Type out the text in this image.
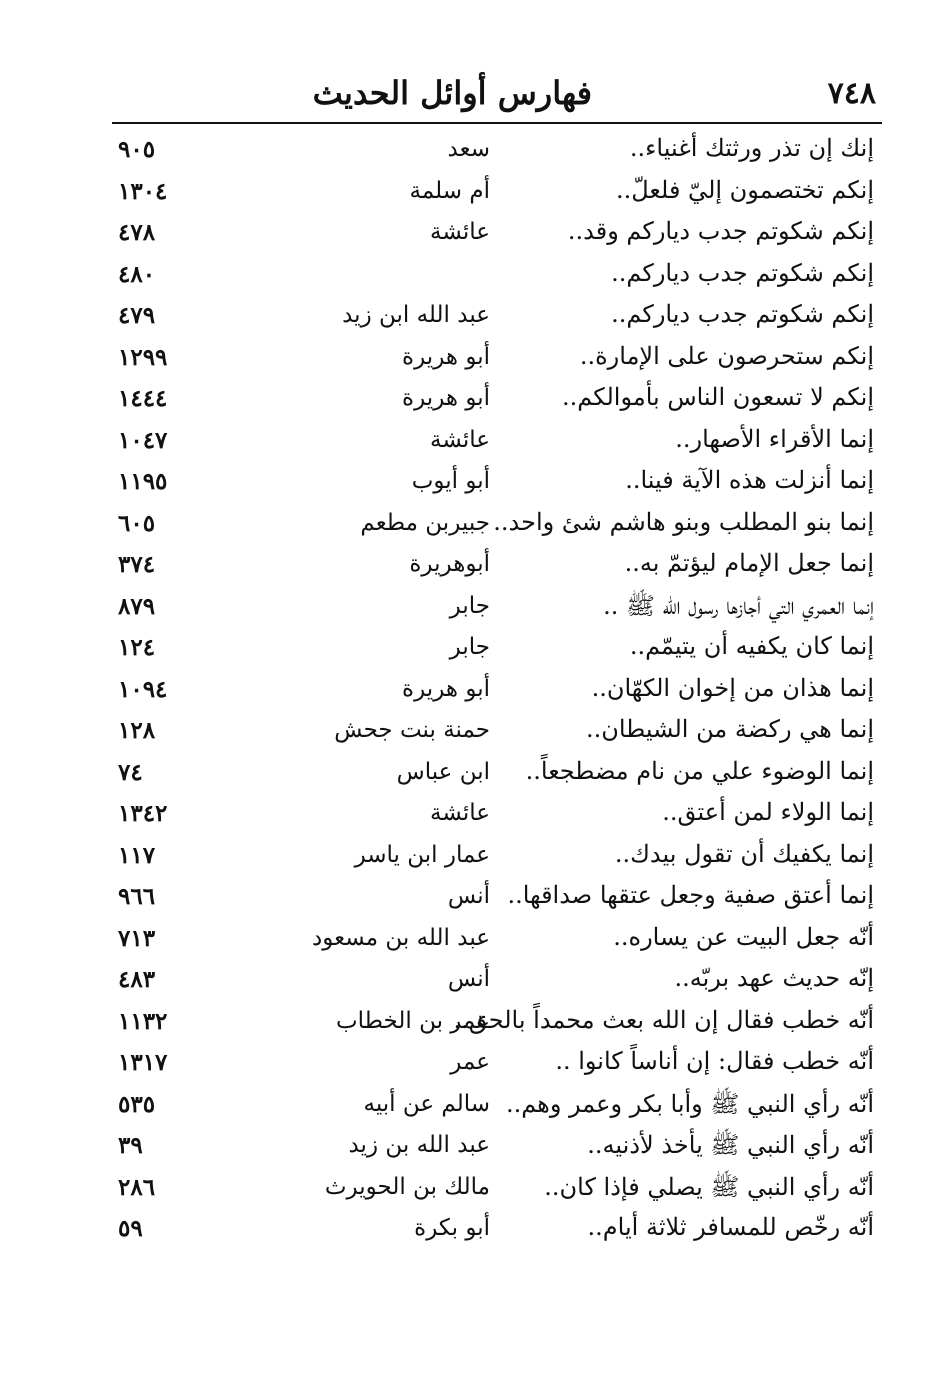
٧٤٨
فهارس أوائل الحديث
إنك إن تذر ورثتك أغنياء..
سعد
٩٠٥
إنكم تختصمون إليّ فلعلّ..
أم سلمة
١٣٠٤
إنكم شكوتم جدب دياركم وقد..
عائشة
٤٧٨
إنكم شكوتم جدب دياركم..
٤٨٠
إنكم شكوتم جدب دياركم..
عبد الله ابن زيد
٤٧٩
إنكم ستحرصون على الإمارة..
أبو هريرة
١٢٩٩
إنكم لا تسعون الناس بأموالكم..
أبو هريرة
١٤٤٤
إنما الأقراء الأصهار..
عائشة
١٠٤٧
إنما أنزلت هذه الآية فينا..
أبو أيوب
١١٩٥
إنما بنو المطلب وبنو هاشم شئ واحد..
جبيربن مطعم
٦٠٥
إنما جعل الإمام ليؤتمّ به..
أبوهريرة
٣٧٤
إنما العمري التي أجازها رسول الله ﷺ ..
جابر
٨٧٩
إنما كان يكفيه أن يتيمّم..
جابر
١٢٤
إنما هذان من إخوان الكهّان..
أبو هريرة
١٠٩٤
إنما هي ركضة من الشيطان..
حمنة بنت جحش
١٢٨
إنما الوضوء علي من نام مضطجعاً..
ابن عباس
٧٤
إنما الولاء لمن أعتق..
عائشة
١٣٤٢
إنما يكفيك أن تقول بيدك..
عمار ابن ياسر
١١٧
إنما أعتق صفية وجعل عتقها صداقها..
أنس
٩٦٦
أنّه جعل البيت عن يساره..
عبد الله بن مسعود
٧١٣
إنّه حديث عهد بربّه..
أنس
٤٨٣
أنّه خطب فقال إن الله بعث محمداً بالحق..
عمر بن الخطاب
١١٣٢
أنّه خطب فقال: إن أناساً كانوا ..
عمر
١٣١٧
أنّه رأي النبي ﷺ وأبا بكر وعمر وهم..
سالم عن أبيه
٥٣٥
أنّه رأي النبي ﷺ يأخذ لأذنيه..
عبد الله بن زيد
٣٩
أنّه رأي النبي ﷺ يصلي فإذا كان..
مالك بن الحويرث
٢٨٦
أنّه رخّص للمسافر ثلاثة أيام..
أبو بكرة
٥٩
